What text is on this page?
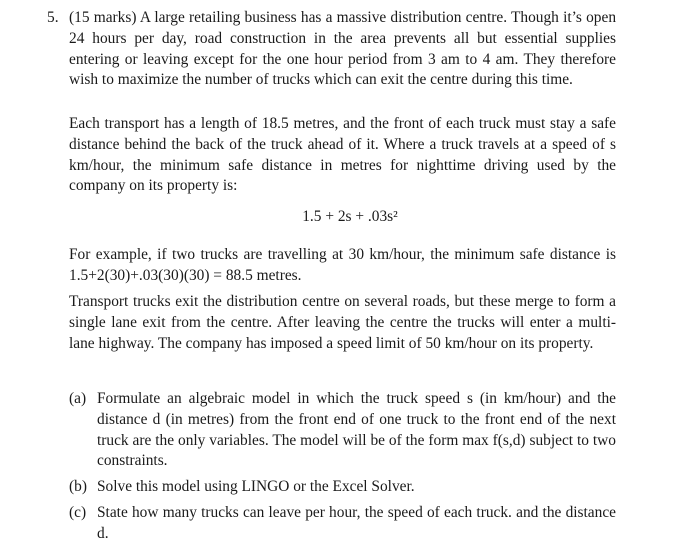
5. (15 marks) A large retailing business has a massive distribution centre. Though it’s open 24 hours per day, road construction in the area prevents all but essential supplies entering or leaving except for the one hour period from 3 am to 4 am. They therefore wish to maximize the number of trucks which can exit the centre during this time.
Each transport has a length of 18.5 metres, and the front of each truck must stay a safe distance behind the back of the truck ahead of it. Where a truck travels at a speed of s km/hour, the minimum safe distance in metres for nighttime driving used by the company on its property is:
1.5 + 2s + .03s²
For example, if two trucks are travelling at 30 km/hour, the minimum safe distance is 1.5+2(30)+.03(30)(30) = 88.5 metres.
Transport trucks exit the distribution centre on several roads, but these merge to form a single lane exit from the centre. After leaving the centre the trucks will enter a multi-lane highway. The company has imposed a speed limit of 50 km/hour on its property.
(a) Formulate an algebraic model in which the truck speed s (in km/hour) and the distance d (in metres) from the front end of one truck to the front end of the next truck are the only variables. The model will be of the form max f(s,d) subject to two constraints.
(b) Solve this model using LINGO or the Excel Solver.
(c) State how many trucks can leave per hour, the speed of each truck. and the distance d.
